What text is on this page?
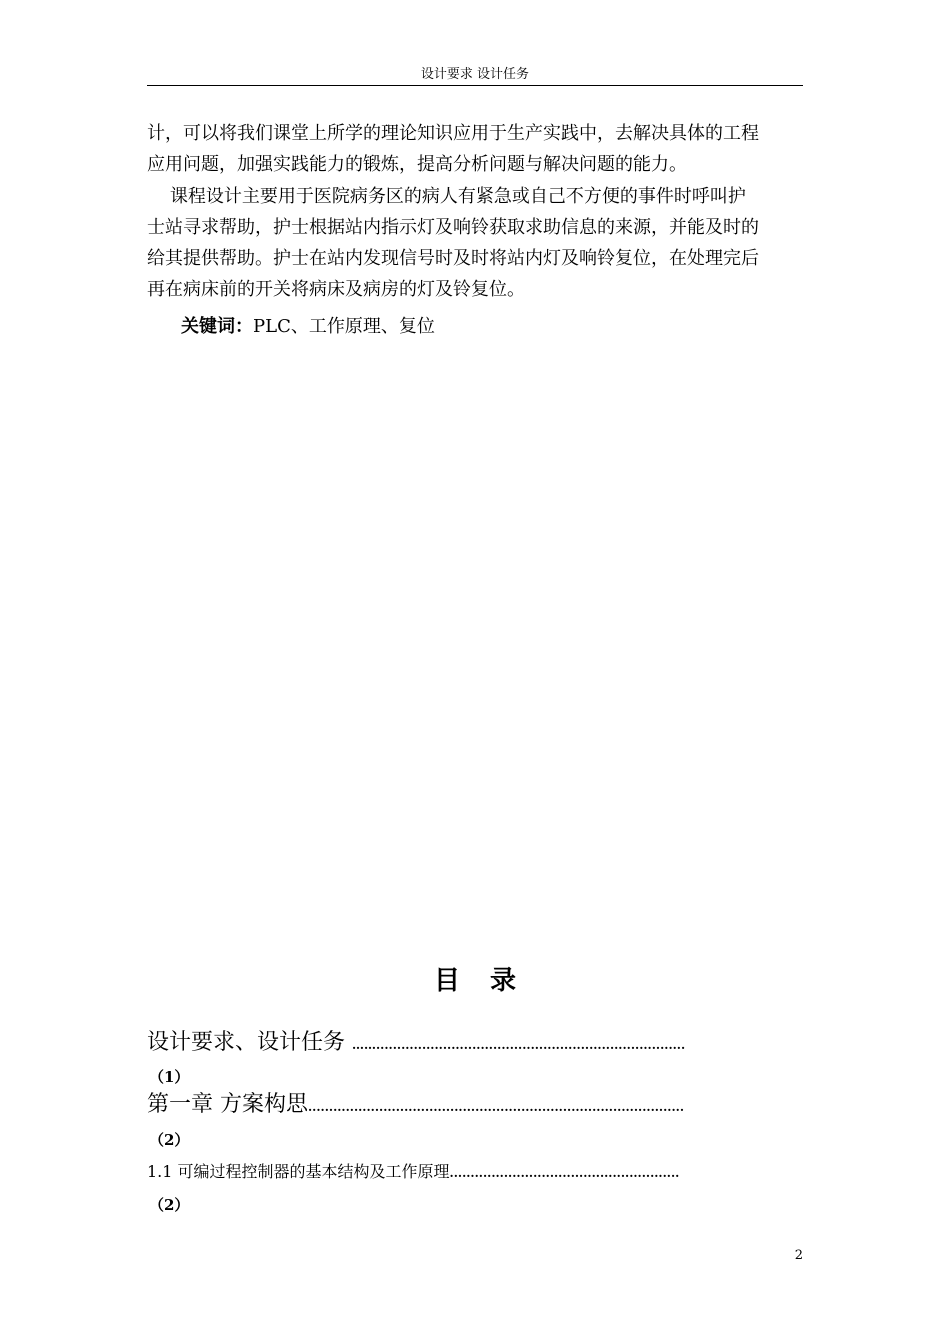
设计要求 设计任务
计，可以将我们课堂上所学的理论知识应用于生产实践中，去解决具体的工程
应用问题，加强实践能力的锻炼，提高分析问题与解决问题的能力。
课程设计主要用于医院病务区的病人有紧急或自己不方便的事件时呼叫护
士站寻求帮助，护士根据站内指示灯及响铃获取求助信息的来源，并能及时的
给其提供帮助。护士在站内发现信号时及时将站内灯及响铃复位，在处理完后
再在病床前的开关将病床及病房的灯及铃复位。
关键词：PLC、工作原理、复位
目录
设计要求、设计任务 ……..........................................................................
（1）
第一章 方案构思..........................................................................................
（2）
1.1 可编过程控制器的基本结构及工作原理.......................................................
（2）
2
